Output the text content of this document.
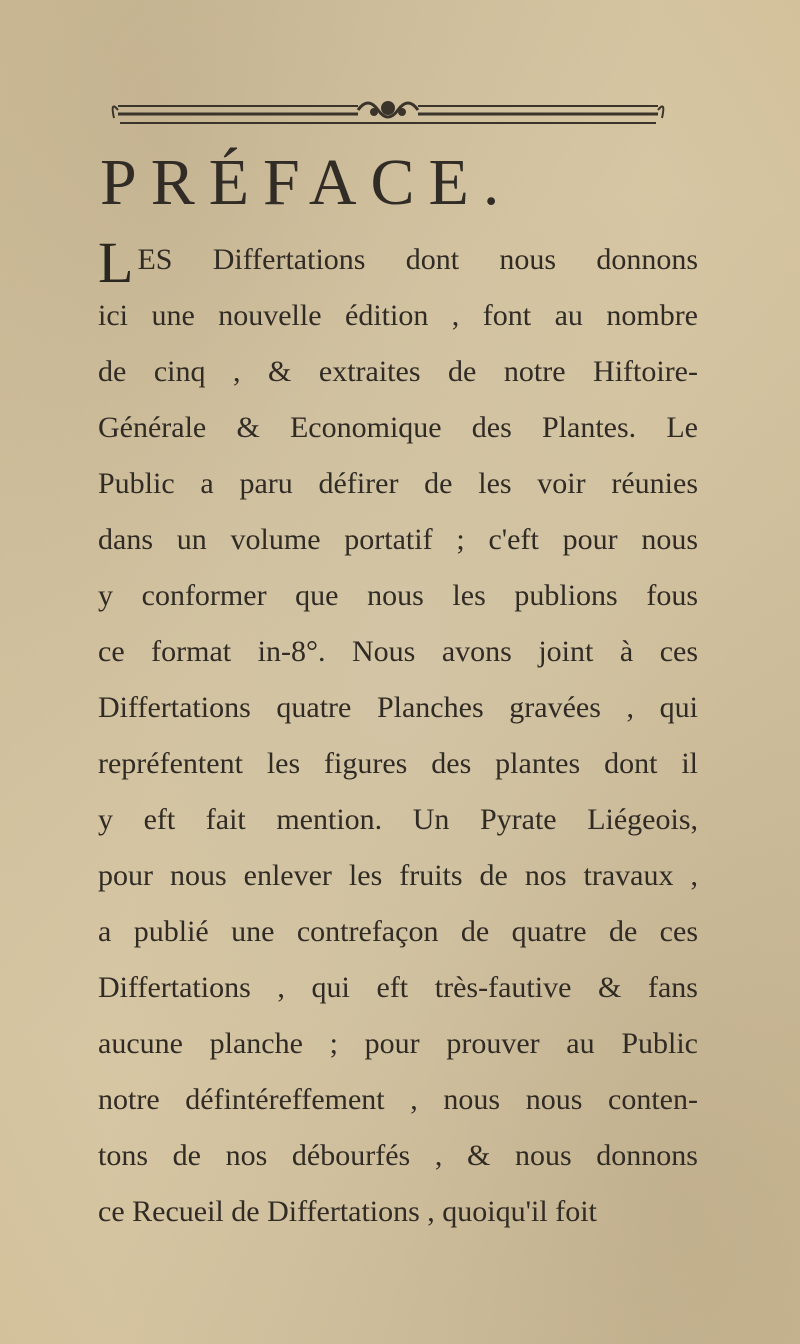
PRÉFACE.
L ES Differtations dont nous donnons
ici une nouvelle édition , font au nombre
de cinq , & extraites de notre Hiftoire-
Générale & Economique des Plantes. Le
Public a paru défirer de les voir réunies
dans un volume portatif ; c'eft pour nous
y conformer que nous les publions fous
ce format in-8°. Nous avons joint à ces
Differtations quatre Planches gravées , qui
repréfentent les figures des plantes dont il
y eft fait mention. Un Pyrate Liégeois,
pour nous enlever les fruits de nos travaux ,
a publié une contrefaçon de quatre de ces
Differtations , qui eft très-fautive & fans
aucune planche ; pour prouver au Public
notre défintéreffement , nous nous conten-
tons de nos débourfés , & nous donnons
ce Recueil de Differtations , quoiqu'il foit
